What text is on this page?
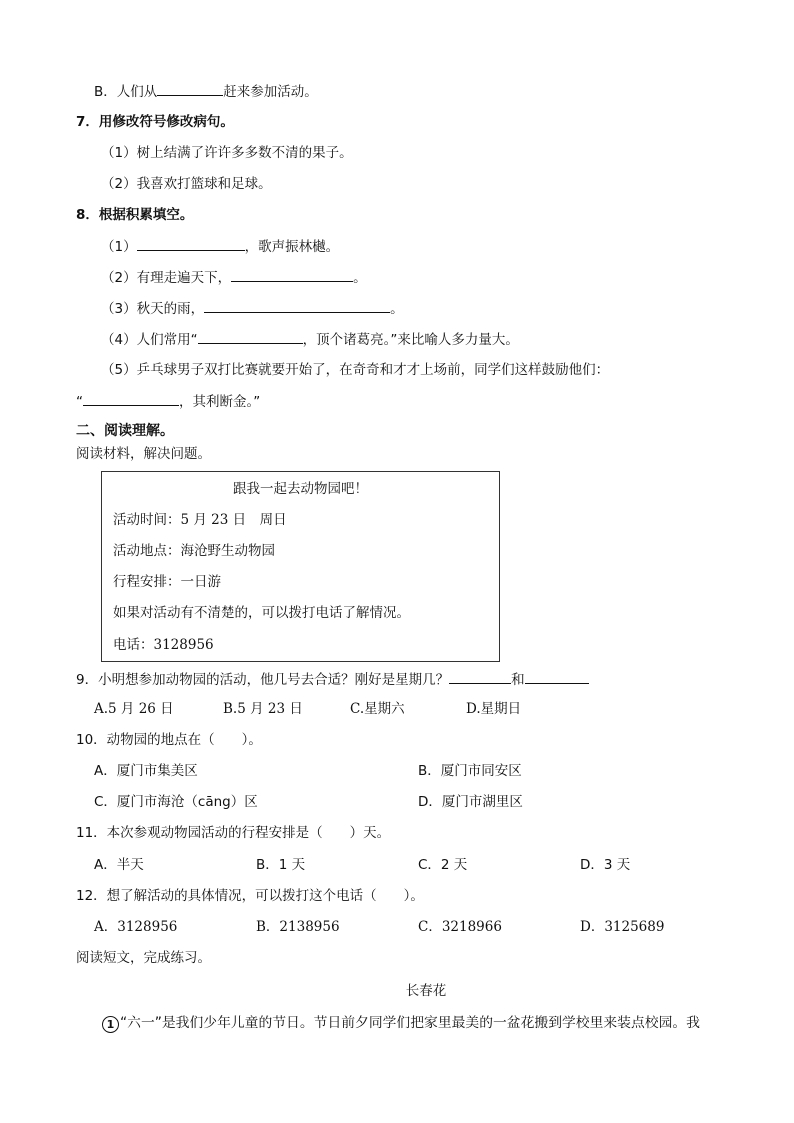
B．人们从	赶来参加活动。
7．用修改符号修改病句。
（1）树上结满了许许多多数不清的果子。
（2）我喜欢打篮球和足球。
8．根据积累填空。
（1）	，歌声振林樾。
（2）有理走遍天下，	。
（3）秋天的雨，	。
（4）人们常用“	，顶个诸葛亮。”来比喻人多力量大。
（5）乒乓球男子双打比赛就要开始了，在奇奇和才才上场前，同学们这样鼓励他们：
“	，其利断金。”
二、阅读理解。
阅读材料，解决问题。
跟我一起去动物园吧！
活动时间：5 月 23 日　周日
活动地点：海沧野生动物园
行程安排：一日游
如果对活动有不清楚的，可以拨打电话了解情况。
电话：3128956
9．小明想参加动物园的活动，他几号去合适？刚好是星期几？	和
A.5 月 26 日	B.5 月 23 日	C.星期六	D.星期日
10．动物园的地点在（　　）。
A．厦门市集美区	B．厦门市同安区
C．厦门市海沧（cāng）区	D．厦门市湖里区
11．本次参观动物园活动的行程安排是（　　）天。
A．半天	B．1 天	C．2 天	D．3 天
12．想了解活动的具体情况，可以拨打这个电话（　　）。
A．3128956	B．2138956	C．3218966	D．3125689
阅读短文，完成练习。
长春花
1 “六一”是我们少年儿童的节日。节日前夕同学们把家里最美的一盆花搬到学校里来装点校园。我
